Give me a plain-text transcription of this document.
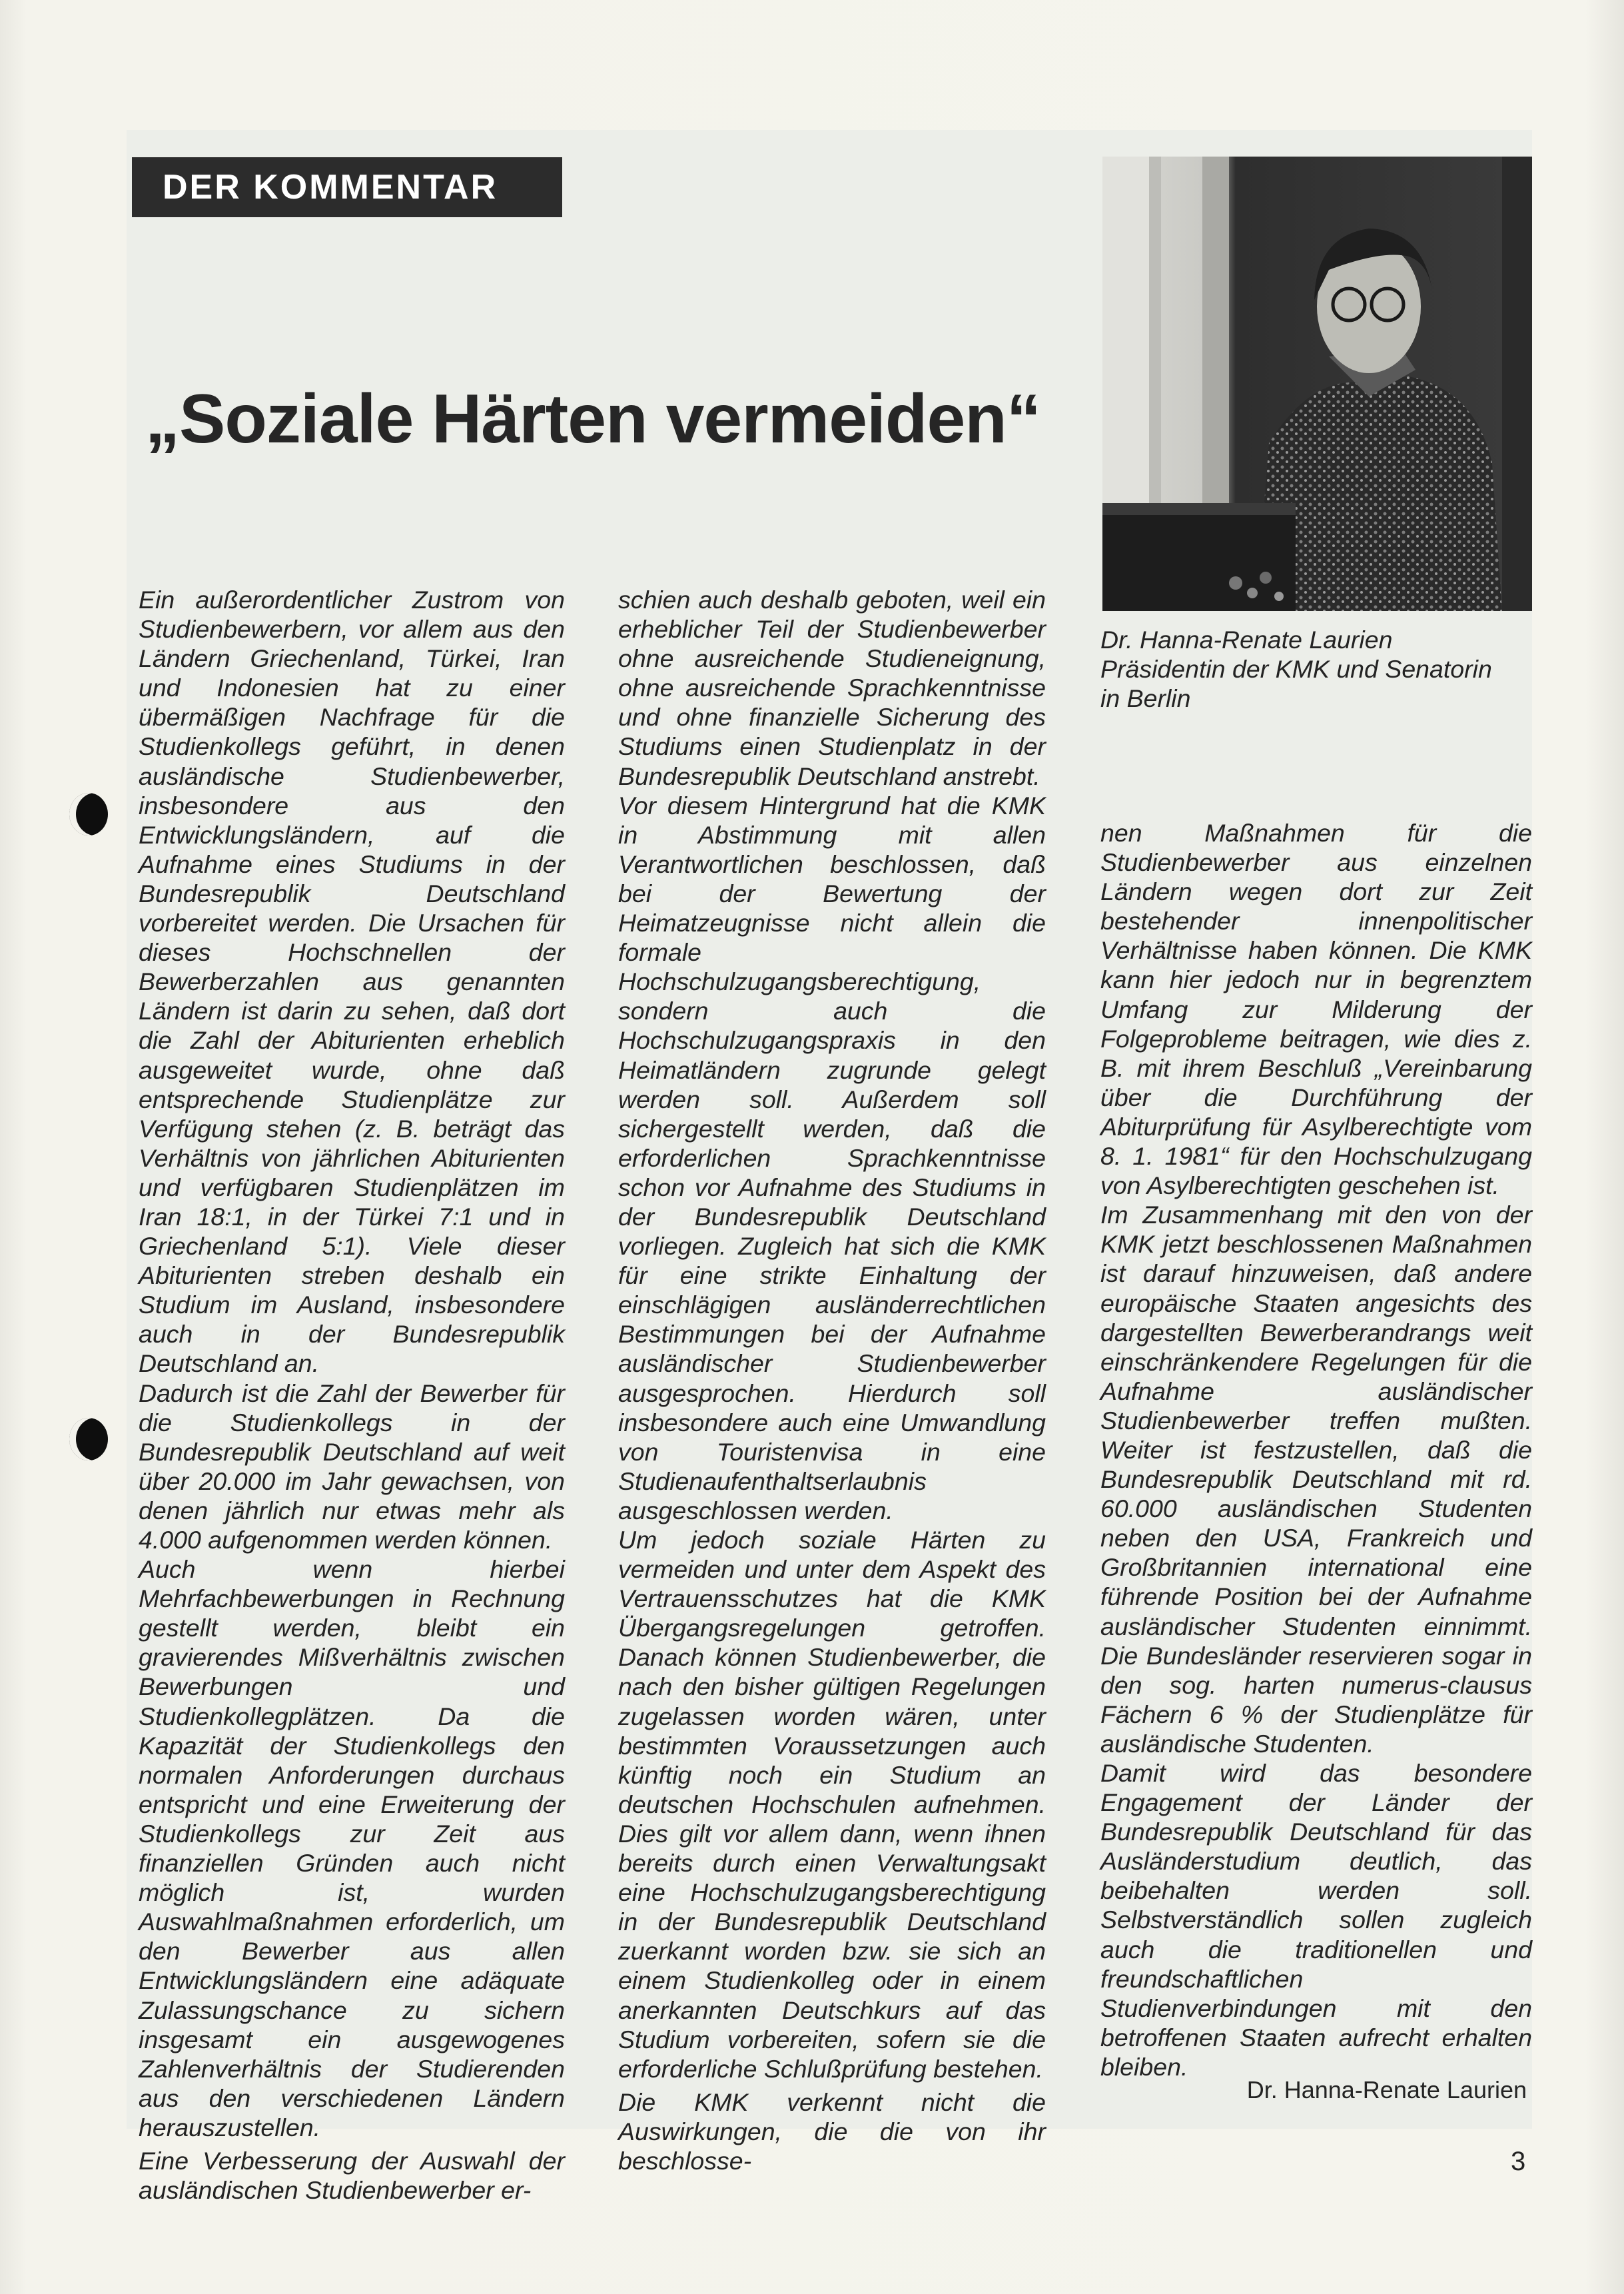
DER KOMMENTAR
„Soziale Härten vermeiden“

Ein außerordentlicher Zustrom von Studienbewerbern, vor allem aus den Ländern Griechenland, Türkei, Iran und Indonesien hat zu einer übermäßigen Nachfrage für die Studienkollegs geführt, in denen ausländische Studienbewerber, insbesondere aus den Entwicklungsländern, auf die Aufnahme eines Studiums in der Bundesrepublik Deutschland vorbereitet werden. Die Ursachen für dieses Hochschnellen der Bewerberzahlen aus genannten Ländern ist darin zu sehen, daß dort die Zahl der Abiturienten erheblich ausgeweitet wurde, ohne daß entsprechende Studienplätze zur Verfügung stehen (z. B. beträgt das Verhältnis von jährlichen Abiturienten und verfügbaren Studienplätzen im Iran 18:1, in der Türkei 7:1 und in Griechenland 5:1). Viele dieser Abiturienten streben deshalb ein Studium im Ausland, insbesondere auch in der Bundesrepublik Deutschland an.

Dadurch ist die Zahl der Bewerber für die Studienkollegs in der Bundesrepublik Deutschland auf weit über 20.000 im Jahr gewachsen, von denen jährlich nur etwas mehr als 4.000 aufgenommen werden können.

Auch wenn hierbei Mehrfachbewerbungen in Rechnung gestellt werden, bleibt ein gravierendes Mißverhältnis zwischen Bewerbungen und Studienkollegplätzen. Da die Kapazität der Studienkollegs den normalen Anforderungen durchaus entspricht und eine Erweiterung der Studienkollegs zur Zeit aus finanziellen Gründen auch nicht möglich ist, wurden Auswahlmaßnahmen erforderlich, um den Bewerber aus allen Entwicklungsländern eine adäquate Zulassungschance zu sichern insgesamt ein ausgewogenes Zahlenverhältnis der Studierenden aus den verschiedenen Ländern herauszustellen.

Eine Verbesserung der Auswahl der ausländischen Studienbewerber er-

schien auch deshalb geboten, weil ein erheblicher Teil der Studienbewerber ohne ausreichende Studieneignung, ohne ausreichende Sprachkenntnisse und ohne finanzielle Sicherung des Studiums einen Studienplatz in der Bundesrepublik Deutschland anstrebt.

Vor diesem Hintergrund hat die KMK in Abstimmung mit allen Verantwortlichen beschlossen, daß bei der Bewertung der Heimatzeugnisse nicht allein die formale Hochschulzugangsberechtigung, sondern auch die Hochschulzugangspraxis in den Heimatländern zugrunde gelegt werden soll. Außerdem soll sichergestellt werden, daß die erforderlichen Sprachkenntnisse schon vor Aufnahme des Studiums in der Bundesrepublik Deutschland vorliegen. Zugleich hat sich die KMK für eine strikte Einhaltung der einschlägigen ausländerrechtlichen Bestimmungen bei der Aufnahme ausländischer Studienbewerber ausgesprochen. Hierdurch soll insbesondere auch eine Umwandlung von Touristenvisa in eine Studienaufenthaltserlaubnis ausgeschlossen werden.

Um jedoch soziale Härten zu vermeiden und unter dem Aspekt des Vertrauensschutzes hat die KMK Übergangsregelungen getroffen. Danach können Studienbewerber, die nach den bisher gültigen Regelungen zugelassen worden wären, unter bestimmten Voraussetzungen auch künftig noch ein Studium an deutschen Hochschulen aufnehmen. Dies gilt vor allem dann, wenn ihnen bereits durch einen Verwaltungsakt eine Hochschulzugangsberechtigung in der Bundesrepublik Deutschland zuerkannt worden bzw. sie sich an einem Studienkolleg oder in einem anerkannten Deutschkurs auf das Studium vorbereiten, sofern sie die erforderliche Schlußprüfung bestehen.

Die KMK verkennt nicht die Auswirkungen, die die von ihr beschlosse-

Dr. Hanna-Renate Laurien
Präsidentin der KMK und Senatorin
in Berlin

nen Maßnahmen für die Studienbewerber aus einzelnen Ländern wegen dort zur Zeit bestehender innenpolitischer Verhältnisse haben können. Die KMK kann hier jedoch nur in begrenztem Umfang zur Milderung der Folgeprobleme beitragen, wie dies z. B. mit ihrem Beschluß „Vereinbarung über die Durchführung der Abiturprüfung für Asylberechtigte vom 8. 1. 1981“ für den Hochschulzugang von Asylberechtigten geschehen ist.

Im Zusammenhang mit den von der KMK jetzt beschlossenen Maßnahmen ist darauf hinzuweisen, daß andere europäische Staaten angesichts des dargestellten Bewerberandrangs weit einschränkendere Regelungen für die Aufnahme ausländischer Studienbewerber treffen mußten. Weiter ist festzustellen, daß die Bundesrepublik Deutschland mit rd. 60.000 ausländischen Studenten neben den USA, Frankreich und Großbritannien international eine führende Position bei der Aufnahme ausländischer Studenten einnimmt. Die Bundesländer reservieren sogar in den sog. harten numerus-clausus Fächern 6 % der Studienplätze für ausländische Studenten.

Damit wird das besondere Engagement der Länder der Bundesrepublik Deutschland für das Ausländerstudium deutlich, das beibehalten werden soll. Selbstverständlich sollen zugleich auch die traditionellen und freundschaftlichen Studienverbindungen mit den betroffenen Staaten aufrecht erhalten bleiben.

Dr. Hanna-Renate Laurien
3
